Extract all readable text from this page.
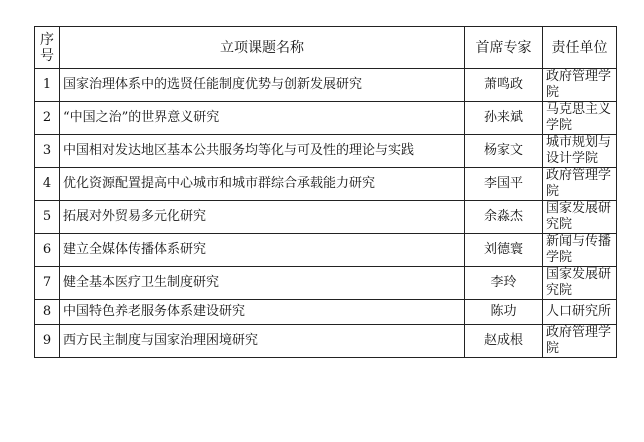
序号	立项课题名称	首席专家	责任单位
1	国家治理体系中的选贤任能制度优势与创新发展研究	萧鸣政	政府管理学院
2	“中国之治”的世界意义研究	孙来斌	马克思主义学院
3	中国相对发达地区基本公共服务均等化与可及性的理论与实践	杨家文	城市规划与设计学院
4	优化资源配置提高中心城市和城市群综合承载能力研究	李国平	政府管理学院
5	拓展对外贸易多元化研究	余淼杰	国家发展研究院
6	建立全媒体传播体系研究	刘德寰	新闻与传播学院
7	健全基本医疗卫生制度研究	李玲	国家发展研究院
8	中国特色养老服务体系建设研究	陈功	人口研究所
9	西方民主制度与国家治理困境研究	赵成根	政府管理学院
